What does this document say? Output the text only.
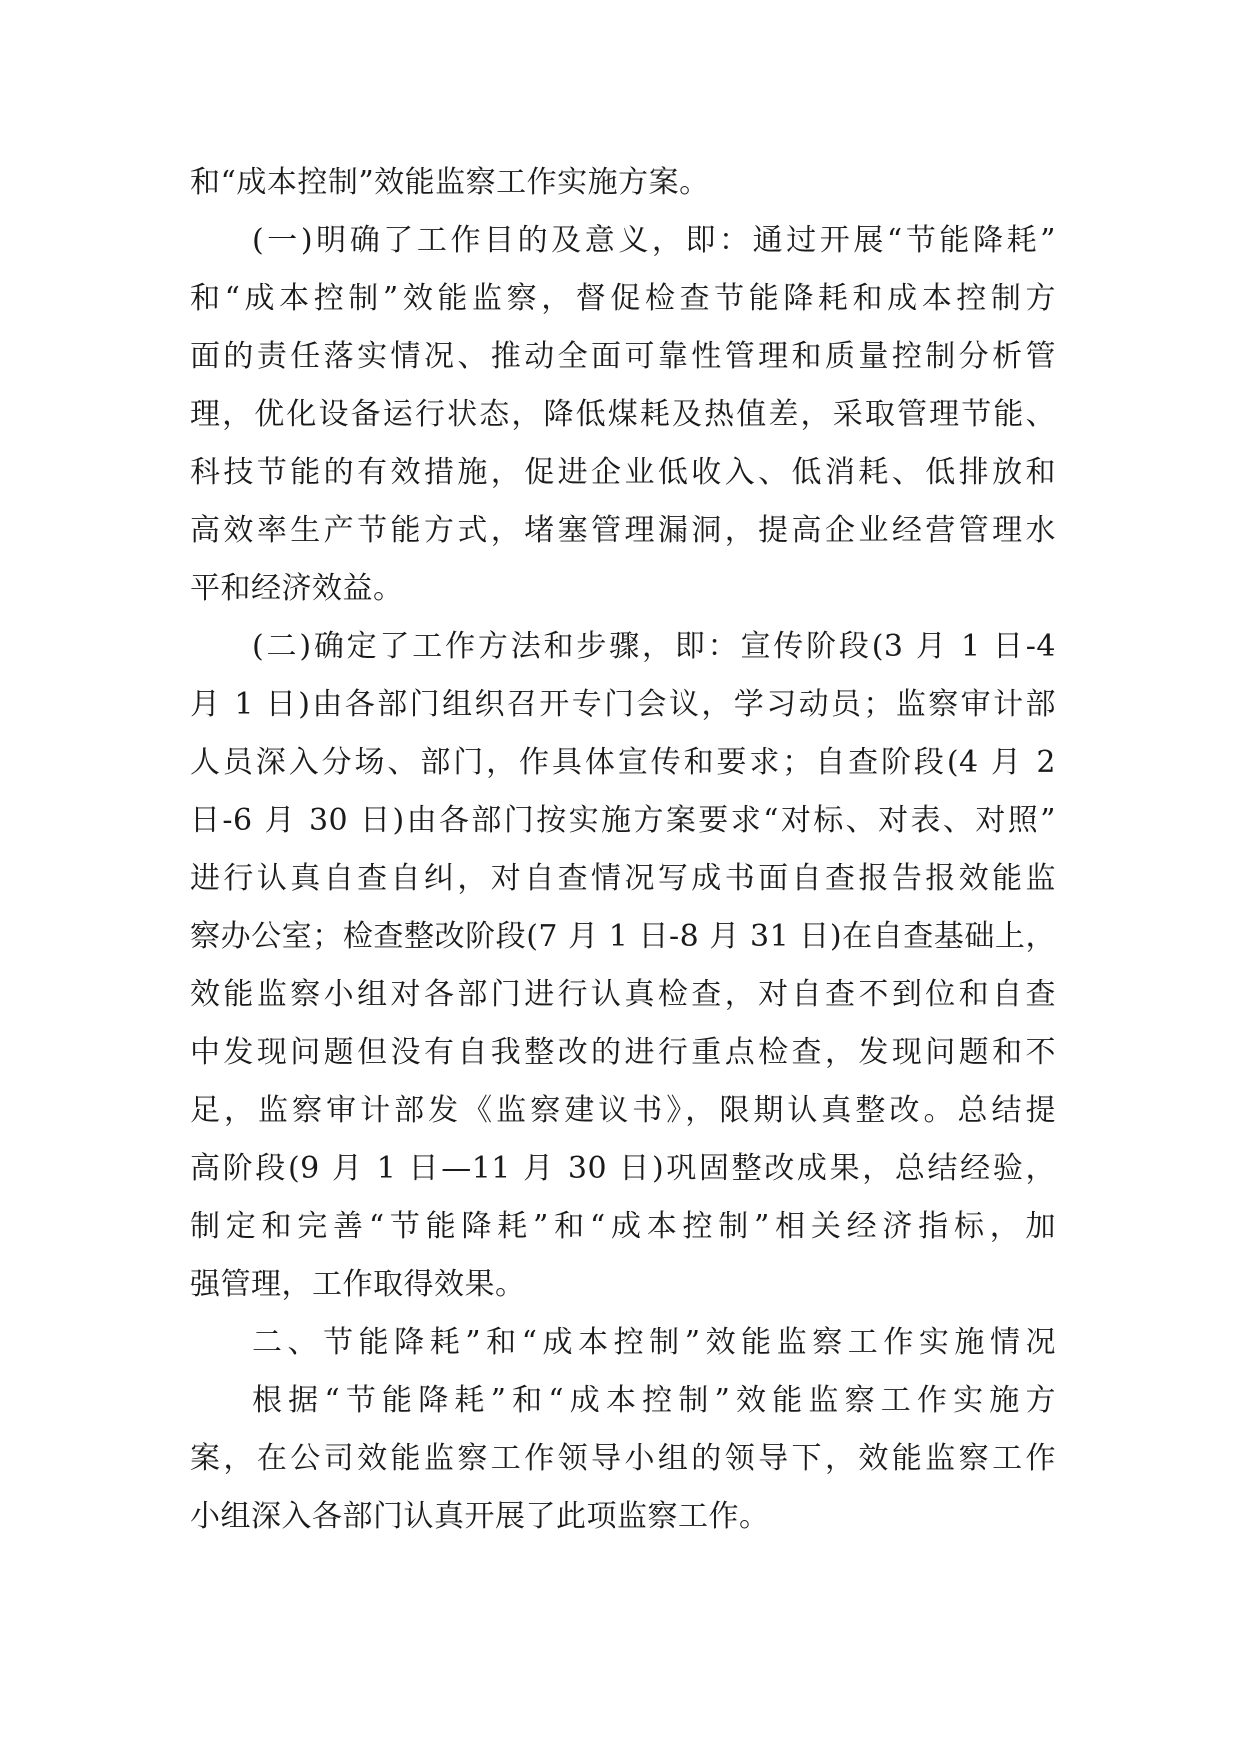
和“成本控制”效能监察工作实施方案。
(一)明确了工作目的及意义，即：通过开展“节能降耗”
和“成本控制”效能监察，督促检查节能降耗和成本控制方
面的责任落实情况、推动全面可靠性管理和质量控制分析管
理，优化设备运行状态，降低煤耗及热值差，采取管理节能、
科技节能的有效措施，促进企业低收入、低消耗、低排放和
高效率生产节能方式，堵塞管理漏洞，提高企业经营管理水
平和经济效益。
(二)确定了工作方法和步骤，即：宣传阶段(3 月 1 日-4
月 1 日)由各部门组织召开专门会议，学习动员；监察审计部
人员深入分场、部门，作具体宣传和要求；自查阶段(4 月 2
日-6 月 30 日)由各部门按实施方案要求“对标、对表、对照”
进行认真自查自纠，对自查情况写成书面自查报告报效能监
察办公室；检查整改阶段(7 月 1 日-8 月 31 日)在自查基础上，
效能监察小组对各部门进行认真检查，对自查不到位和自查
中发现问题但没有自我整改的进行重点检查，发现问题和不
足，监察审计部发《监察建议书》，限期认真整改。总结提
高阶段(9 月 1 日—11 月 30 日)巩固整改成果，总结经验，
制定和完善“节能降耗”和“成本控制”相关经济指标，加
强管理，工作取得效果。
二、节能降耗”和“成本控制”效能监察工作实施情况
根据“节能降耗”和“成本控制”效能监察工作实施方
案，在公司效能监察工作领导小组的领导下，效能监察工作
小组深入各部门认真开展了此项监察工作。
